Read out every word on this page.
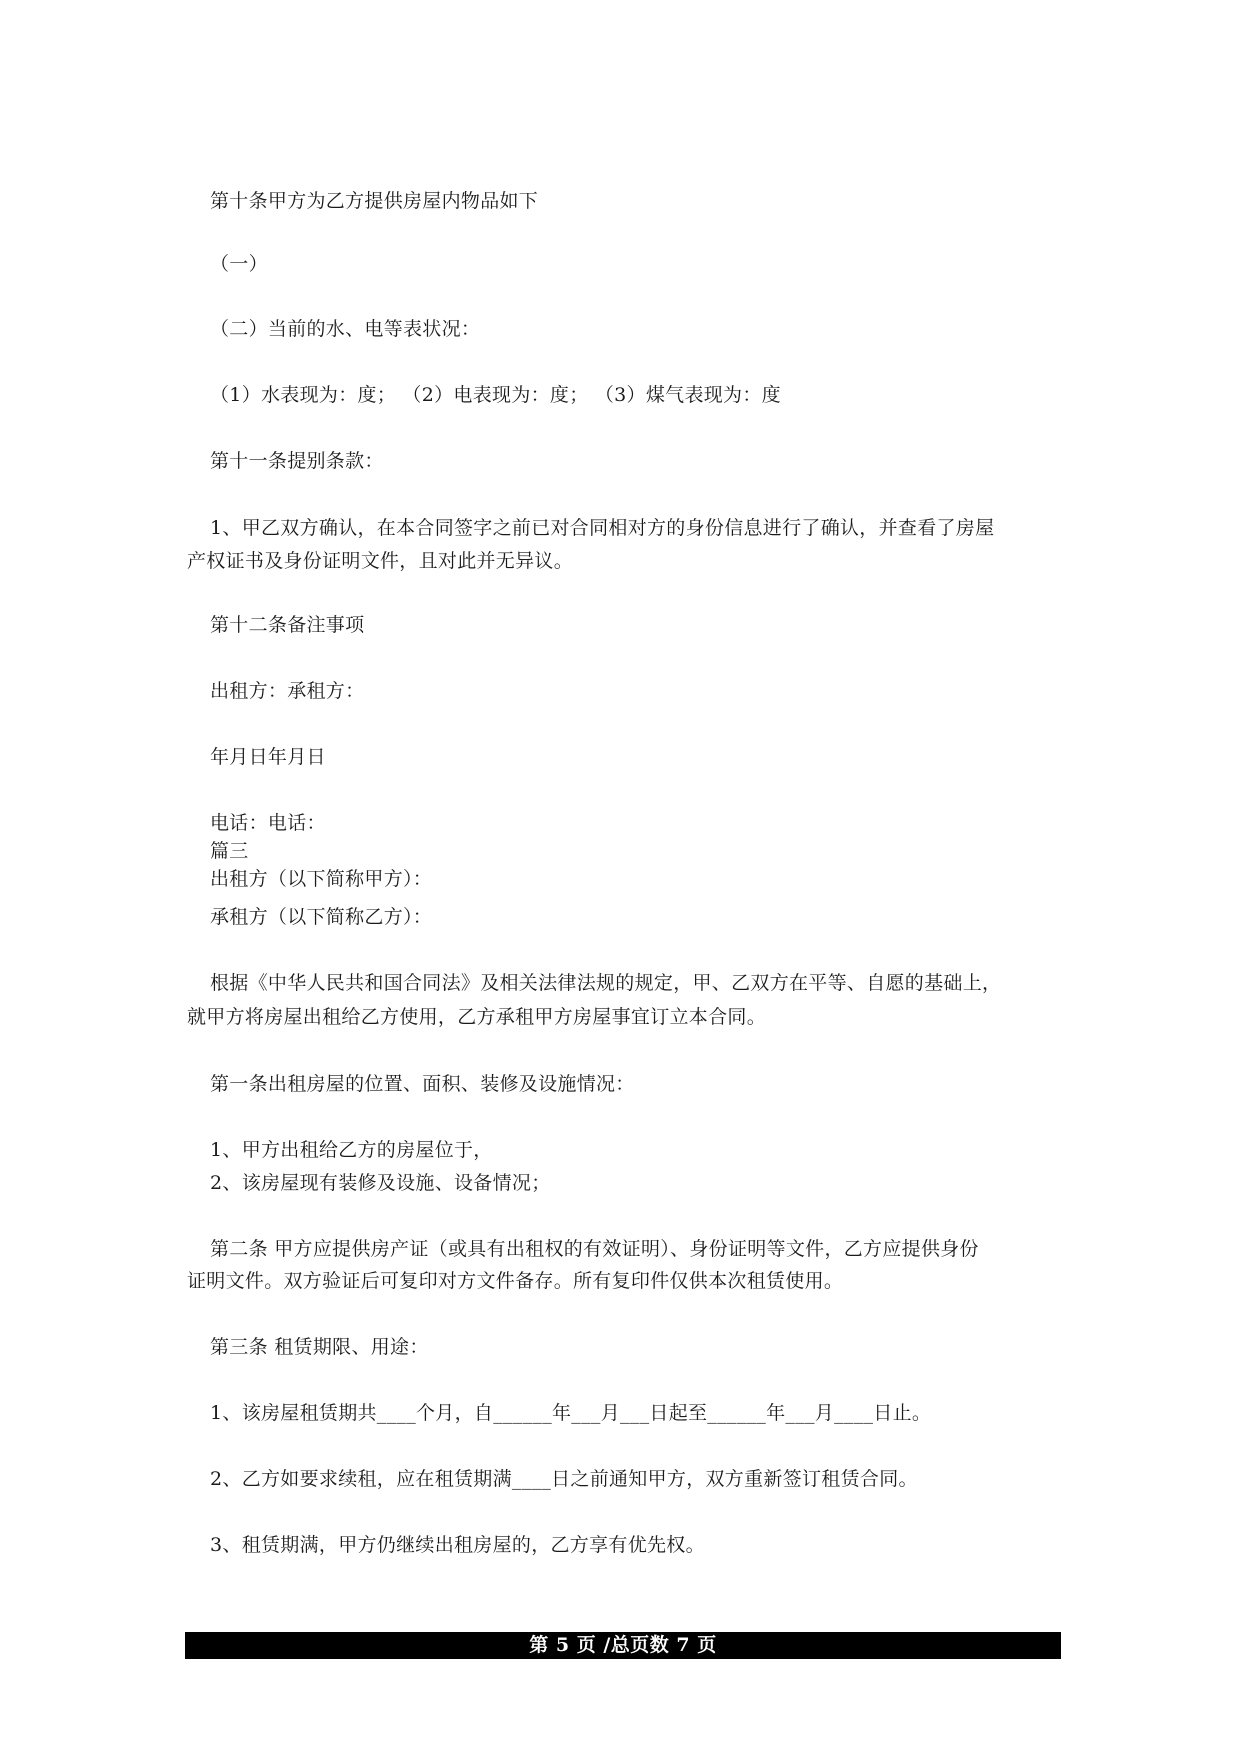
第十条甲方为乙方提供房屋内物品如下
（一）
（二）当前的水、电等表状况：
（1）水表现为：度； （2）电表现为：度； （3）煤气表现为：度
第十一条提别条款：
1、甲乙双方确认，在本合同签字之前已对合同相对方的身份信息进行了确认，并查看了房屋
产权证书及身份证明文件，且对此并无异议。
第十二条备注事项
出租方：承租方：
年月日年月日
电话：电话：
篇三
出租方（以下简称甲方）：
承租方（以下简称乙方）：
根据《中华人民共和国合同法》及相关法律法规的规定，甲、乙双方在平等、自愿的基础上，
就甲方将房屋出租给乙方使用，乙方承租甲方房屋事宜订立本合同。
第一条出租房屋的位置、面积、装修及设施情况：
1、甲方出租给乙方的房屋位于，
2、该房屋现有装修及设施、设备情况；
第二条 甲方应提供房产证（或具有出租权的有效证明）、身份证明等文件，乙方应提供身份
证明文件。双方验证后可复印对方文件备存。所有复印件仅供本次租赁使用。
第三条 租赁期限、用途：
1、该房屋租赁期共____个月，自______年___月___日起至______年___月____日止。
2、乙方如要求续租，应在租赁期满____日之前通知甲方，双方重新签订租赁合同。
3、租赁期满，甲方仍继续出租房屋的，乙方享有优先权。
第 5 页 /总页数 7 页
